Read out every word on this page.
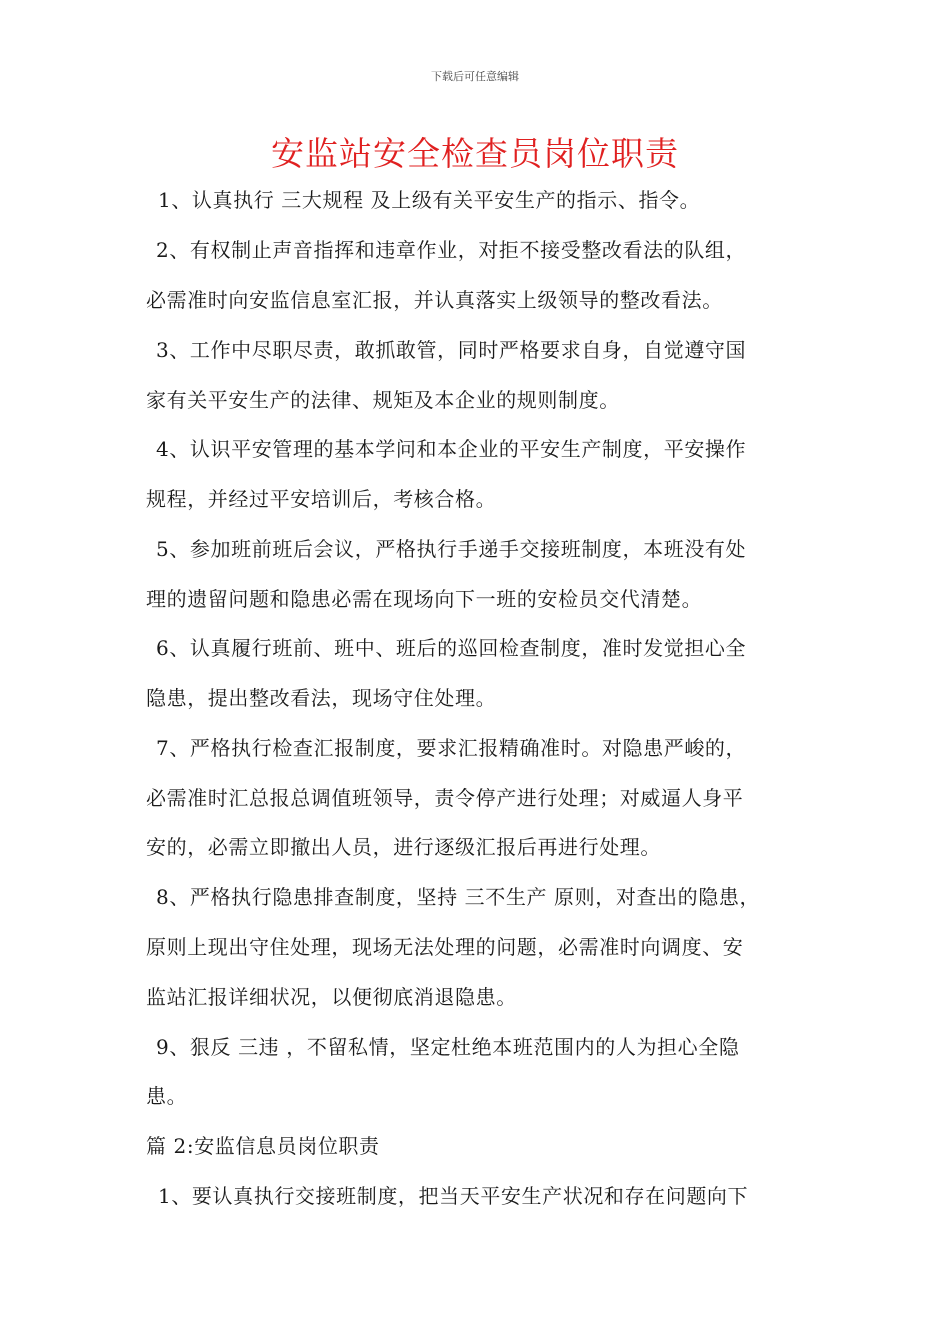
下载后可任意编辑
安监站安全检查员岗位职责
1、认真执行 三大规程 及上级有关平安生产的指示、指令。
2、有权制止声音指挥和违章作业，对拒不接受整改看法的队组，
必需准时向安监信息室汇报，并认真落实上级领导的整改看法。
3、工作中尽职尽责，敢抓敢管，同时严格要求自身，自觉遵守国
家有关平安生产的法律、规矩及本企业的规则制度。
4、认识平安管理的基本学问和本企业的平安生产制度，平安操作
规程，并经过平安培训后，考核合格。
5、参加班前班后会议，严格执行手递手交接班制度，本班没有处
理的遗留问题和隐患必需在现场向下一班的安检员交代清楚。
6、认真履行班前、班中、班后的巡回检查制度，准时发觉担心全
隐患，提出整改看法，现场守住处理。
7、严格执行检查汇报制度，要求汇报精确准时。对隐患严峻的，
必需准时汇总报总调值班领导，责令停产进行处理；对威逼人身平
安的，必需立即撤出人员，进行逐级汇报后再进行处理。
8、严格执行隐患排查制度，坚持 三不生产 原则，对查出的隐患，
原则上现出守住处理，现场无法处理的问题，必需准时向调度、安
监站汇报详细状况，以便彻底消退隐患。
9、狠反 三违 ，不留私情，坚定杜绝本班范围内的人为担心全隐
患。
篇 2:安监信息员岗位职责
1、要认真执行交接班制度，把当天平安生产状况和存在问题向下
